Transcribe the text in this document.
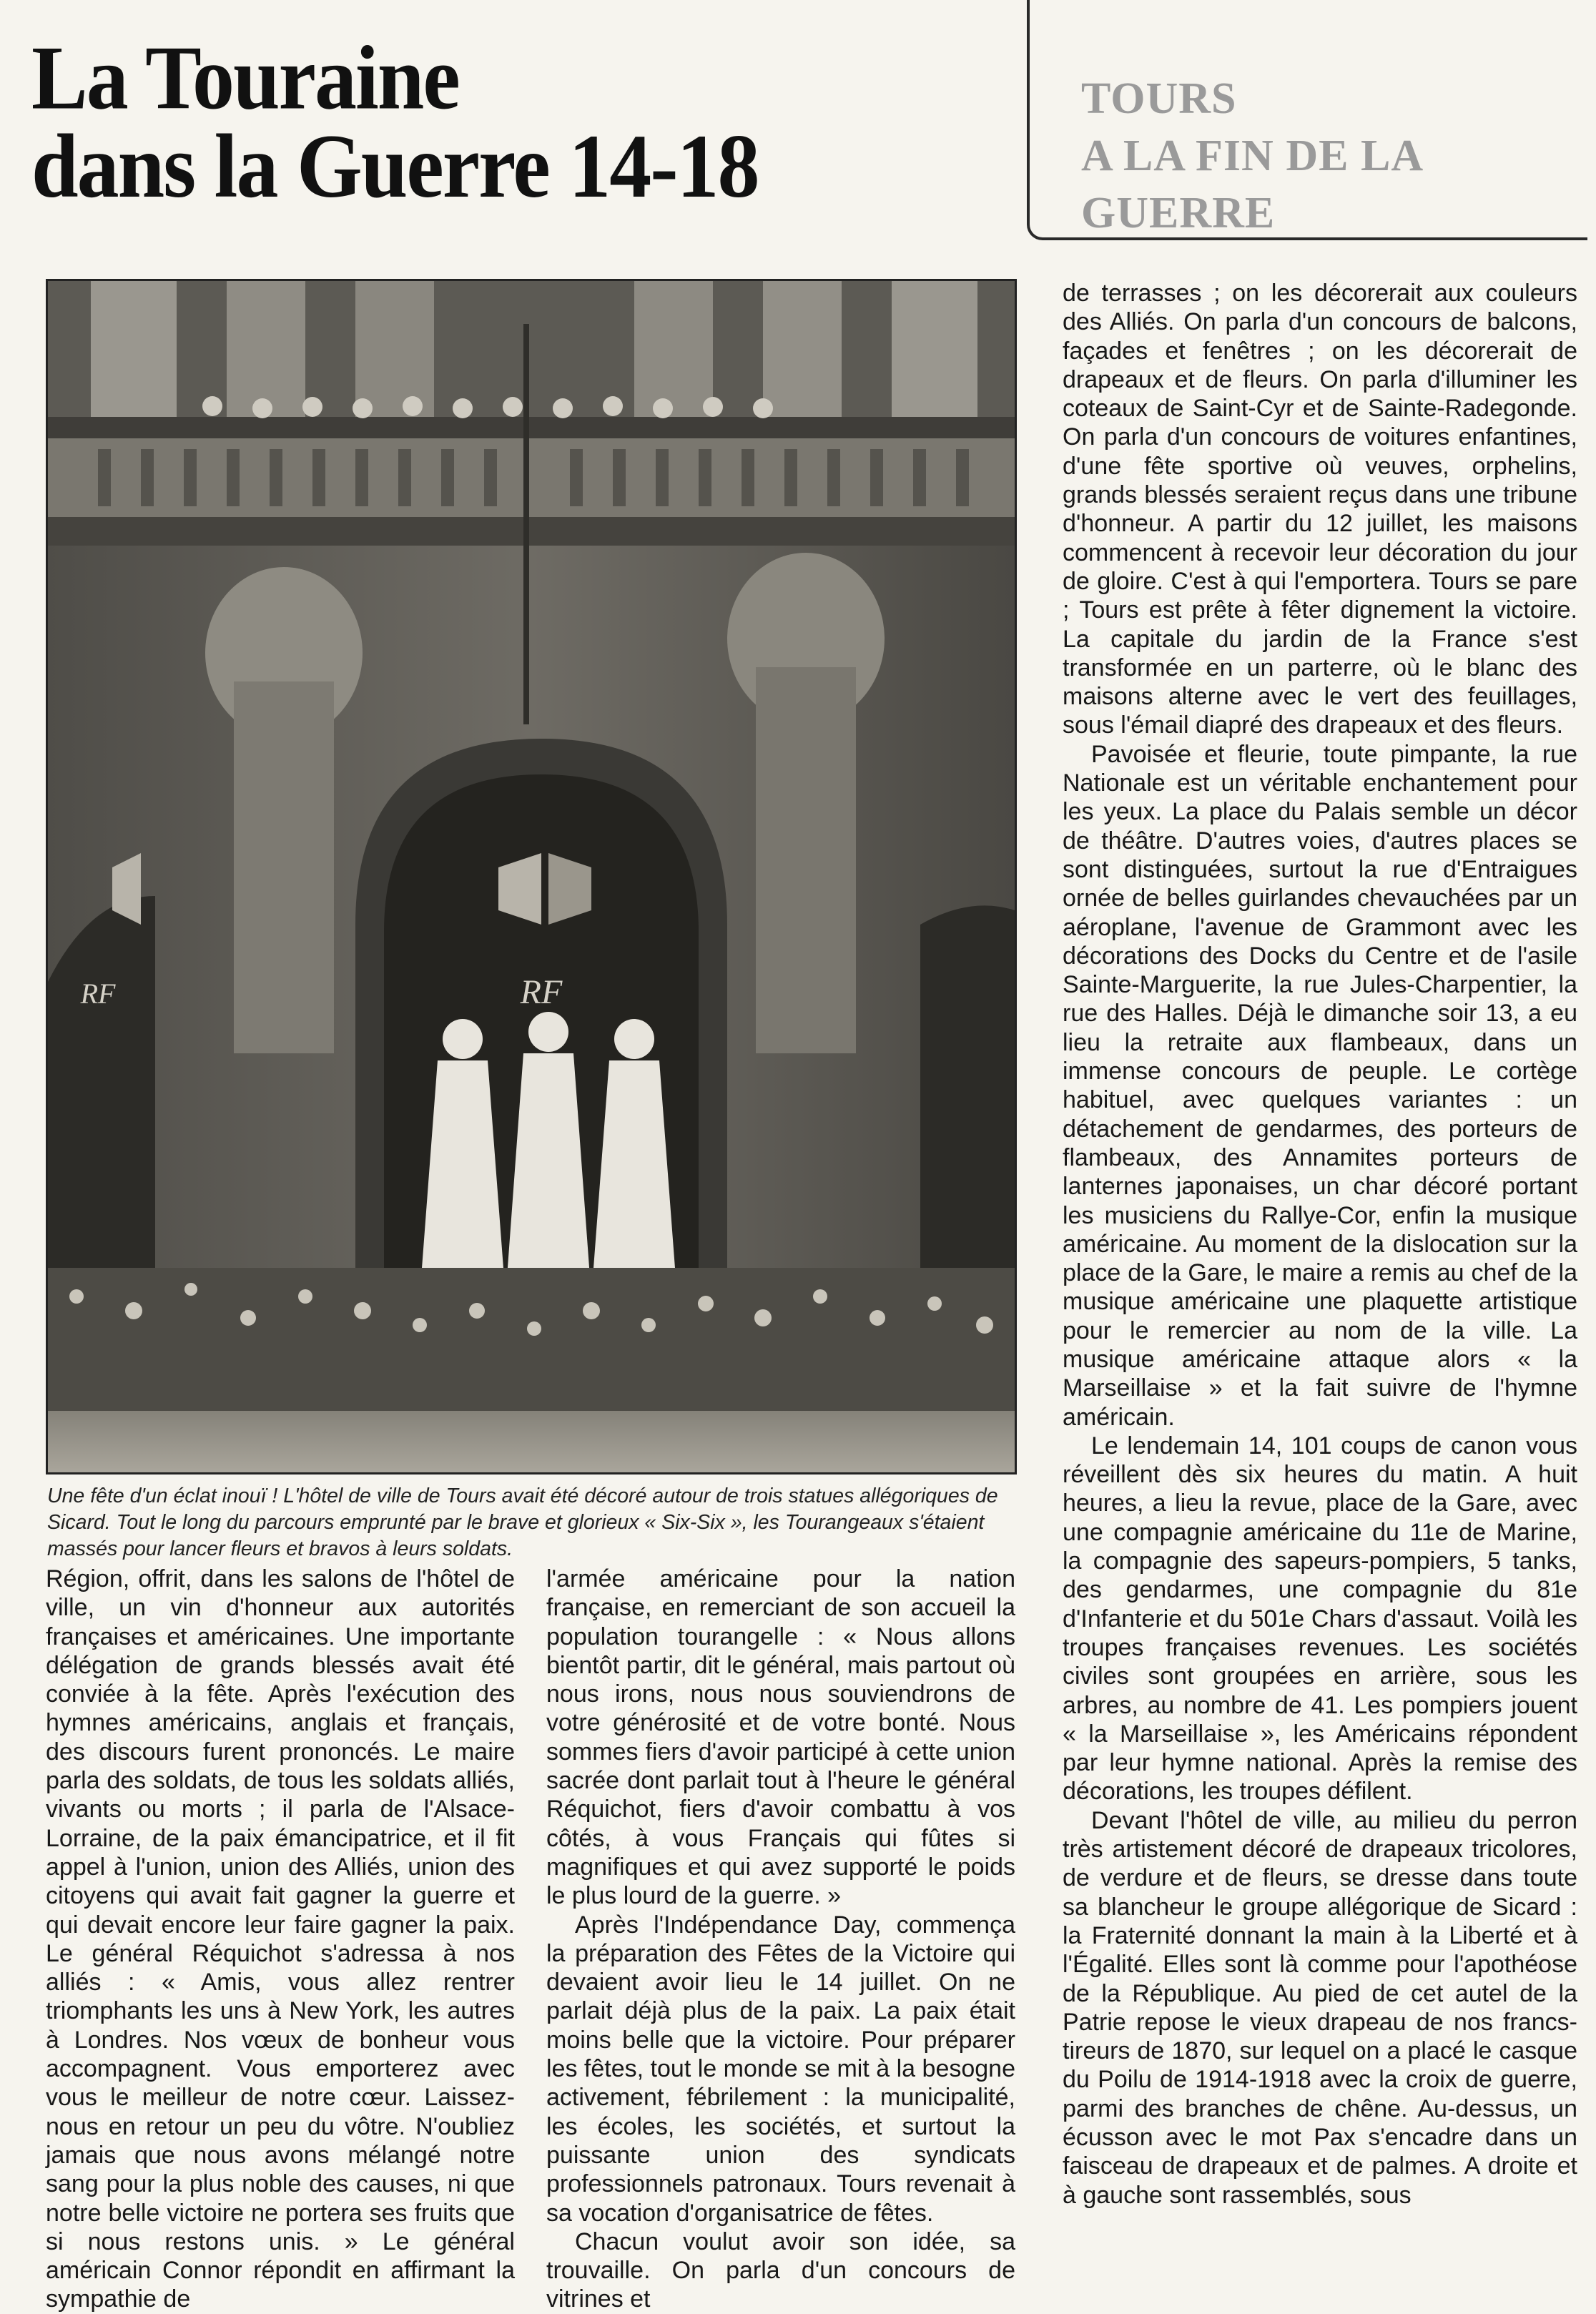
La Touraine
dans la Guerre 14-18
TOURS
A LA FIN DE LA GUERRE
RF
RF

Une fête d'un éclat inouï ! L'hôtel de ville de Tours avait été décoré autour de trois statues allégoriques de Sicard. Tout le long du parcours emprunté par le brave et glorieux « Six-Six », les Tourangeaux s'étaient massés pour lancer fleurs et bravos à leurs soldats.

Région, offrit, dans les salons de l'hôtel de ville, un vin d'honneur aux autorités françaises et américaines. Une importante délégation de grands blessés avait été conviée à la fête. Après l'exécution des hymnes américains, anglais et français, des discours furent prononcés. Le maire parla des soldats, de tous les soldats alliés, vivants ou morts ; il parla de l'Alsace-Lorraine, de la paix émancipatrice, et il fit appel à l'union, union des Alliés, union des citoyens qui avait fait gagner la guerre et qui devait encore leur faire gagner la paix. Le général Réquichot s'adressa à nos alliés : « Amis, vous allez rentrer triomphants les uns à New York, les autres à Londres. Nos vœux de bonheur vous accompagnent. Vous emporterez avec vous le meilleur de notre cœur. Laissez-nous en retour un peu du vôtre. N'oubliez jamais que nous avons mélangé notre sang pour la plus noble des causes, ni que notre belle victoire ne portera ses fruits que si nous restons unis. » Le général américain Connor répondit en affirmant la sympathie de

l'armée américaine pour la nation française, en remerciant de son accueil la population tourangelle : « Nous allons bientôt partir, dit le général, mais partout où nous irons, nous nous souviendrons de votre générosité et de votre bonté. Nous sommes fiers d'avoir participé à cette union sacrée dont parlait tout à l'heure le général Réquichot, fiers d'avoir combattu à vos côtés, à vous Français qui fûtes si magnifiques et qui avez supporté le poids le plus lourd de la guerre. »

Après l'Indépendance Day, commença la préparation des Fêtes de la Victoire qui devaient avoir lieu le 14 juillet. On ne parlait déjà plus de la paix. La paix était moins belle que la victoire. Pour préparer les fêtes, tout le monde se mit à la besogne activement, fébrilement : la municipalité, les écoles, les sociétés, et surtout la puissante union des syndicats professionnels patronaux. Tours revenait à sa vocation d'organisatrice de fêtes.

Chacun voulut avoir son idée, sa trouvaille. On parla d'un concours de vitrines et

de terrasses ; on les décorerait aux couleurs des Alliés. On parla d'un concours de balcons, façades et fenêtres ; on les décorerait de drapeaux et de fleurs. On parla d'illuminer les coteaux de Saint-Cyr et de Sainte-Radegonde. On parla d'un concours de voitures enfantines, d'une fête sportive où veuves, orphelins, grands blessés seraient reçus dans une tribune d'honneur. A partir du 12 juillet, les maisons commencent à recevoir leur décoration du jour de gloire. C'est à qui l'emportera. Tours se pare ; Tours est prête à fêter dignement la victoire. La capitale du jardin de la France s'est transformée en un parterre, où le blanc des maisons alterne avec le vert des feuillages, sous l'émail diapré des drapeaux et des fleurs.

Pavoisée et fleurie, toute pimpante, la rue Nationale est un véritable enchantement pour les yeux. La place du Palais semble un décor de théâtre. D'autres voies, d'autres places se sont distinguées, surtout la rue d'Entraigues ornée de belles guirlandes chevauchées par un aéroplane, l'avenue de Grammont avec les décorations des Docks du Centre et de l'asile Sainte-Marguerite, la rue Jules-Charpentier, la rue des Halles. Déjà le dimanche soir 13, a eu lieu la retraite aux flambeaux, dans un immense concours de peuple. Le cortège habituel, avec quelques variantes : un détachement de gendarmes, des porteurs de flambeaux, des Annamites porteurs de lanternes japonaises, un char décoré portant les musiciens du Rallye-Cor, enfin la musique américaine. Au moment de la dislocation sur la place de la Gare, le maire a remis au chef de la musique américaine une plaquette artistique pour le remercier au nom de la ville. La musique américaine attaque alors « la Marseillaise » et la fait suivre de l'hymne américain.

Le lendemain 14, 101 coups de canon vous réveillent dès six heures du matin. A huit heures, a lieu la revue, place de la Gare, avec une compagnie américaine du 11e de Marine, la compagnie des sapeurs-pompiers, 5 tanks, des gendarmes, une compagnie du 81e d'Infanterie et du 501e Chars d'assaut. Voilà les troupes françaises revenues. Les sociétés civiles sont groupées en arrière, sous les arbres, au nombre de 41. Les pompiers jouent « la Marseillaise », les Américains répondent par leur hymne national. Après la remise des décorations, les troupes défilent.

Devant l'hôtel de ville, au milieu du perron très artistement décoré de drapeaux tricolores, de verdure et de fleurs, se dresse dans toute sa blancheur le groupe allégorique de Sicard : la Fraternité donnant la main à la Liberté et à l'Égalité. Elles sont là comme pour l'apothéose de la République. Au pied de cet autel de la Patrie repose le vieux drapeau de nos francs-tireurs de 1870, sur lequel on a placé le casque du Poilu de 1914-1918 avec la croix de guerre, parmi des branches de chêne. Au-dessus, un écusson avec le mot Pax s'encadre dans un faisceau de drapeaux et de palmes. A droite et à gauche sont rassemblés, sous
